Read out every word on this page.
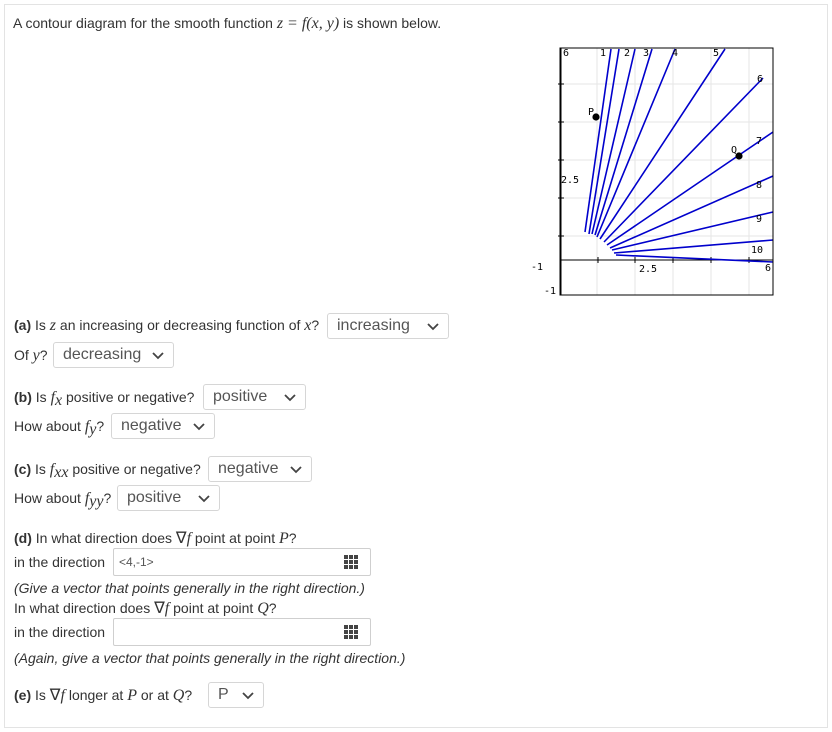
A contour diagram for the smooth function z = f(x, y) is shown below.
6	1 2 3 4	5
6
7
8
9
10
6
2.5
2.5
-1
-1
P
Q
(a) Is z an increasing or decreasing function of x? increasing
Of y? decreasing
(b) Is $f_x$ positive or negative? positive
How about $f_y$? negative
(c) Is $f_{xx}$ positive or negative? negative
How about $f_{yy}$? positive
(d) In what direction does ∇f point at point P?
in the direction <4,-1>
(Give a vector that points generally in the right direction.)
In what direction does ∇f point at point Q?
in the direction
(Again, give a vector that points generally in the right direction.)
(e) Is ∇f longer at P or at Q? P
